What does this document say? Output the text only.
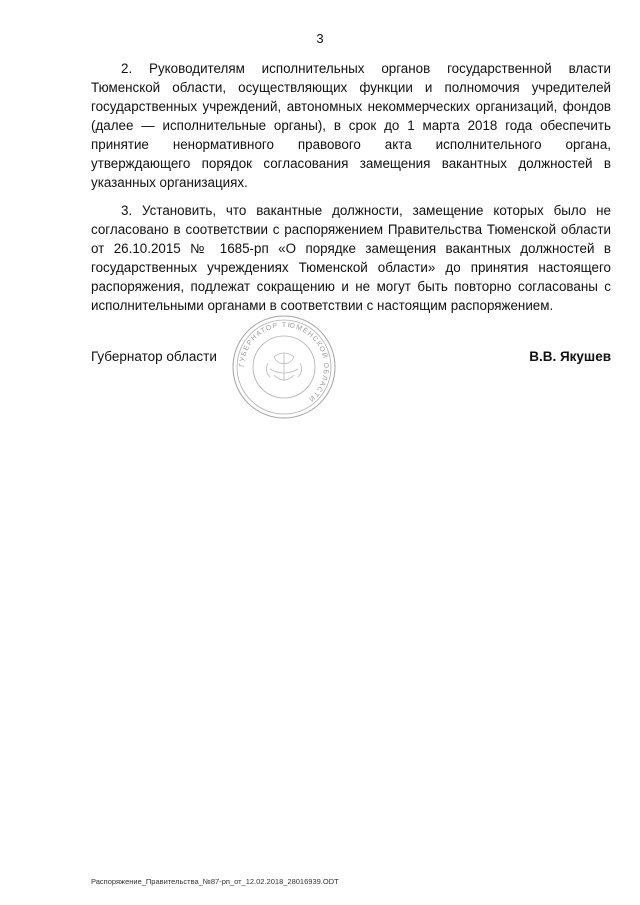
3

2. Руководителям исполнительных органов государственной власти Тюменской области, осуществляющих функции и полномочия учредителей государственных учреждений, автономных некоммерческих организаций, фондов (далее — исполнительные органы), в срок до 1 марта 2018 года обеспечить принятие ненормативного правового акта исполнительного органа, утверждающего порядок согласования замещения вакантных должностей в указанных организациях.

3. Установить, что вакантные должности, замещение которых было не согласовано в соответствии с распоряжением Правительства Тюменской области от 26.10.2015 № 1685-рп «О порядке замещения вакантных должностей в государственных учреждениях Тюменской области» до принятия настоящего распоряжения, подлежат сокращению и не могут быть повторно согласованы с исполнительными органами в соответствии с настоящим распоряжением.

ГУБЕРНАТОР ТЮМЕНСКОЙ ОБЛАСТИ
Губернатор области	В.В. Якушев
Распоряжение_Правительства_№87-рп_от_12.02.2018_28016939.ODT
